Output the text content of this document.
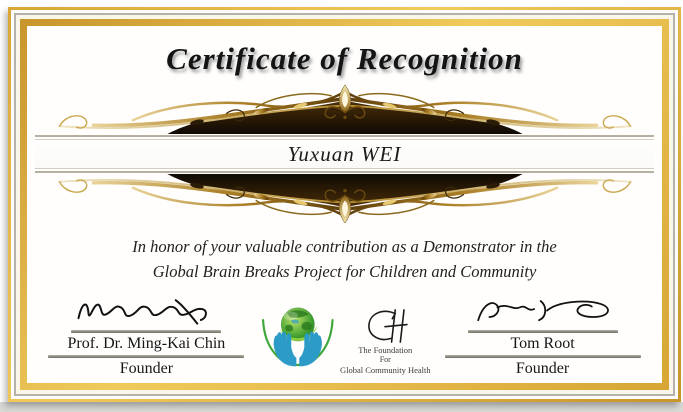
Certificate of Recognition
Yuxuan WEI
In honor of your valuable contribution as a Demonstrator in the
Global Brain Breaks Project for Children and Community
Prof. Dr. Ming-Kai Chin
Founder
The Foundation
For
Global Community Health
Tom Root
Founder
